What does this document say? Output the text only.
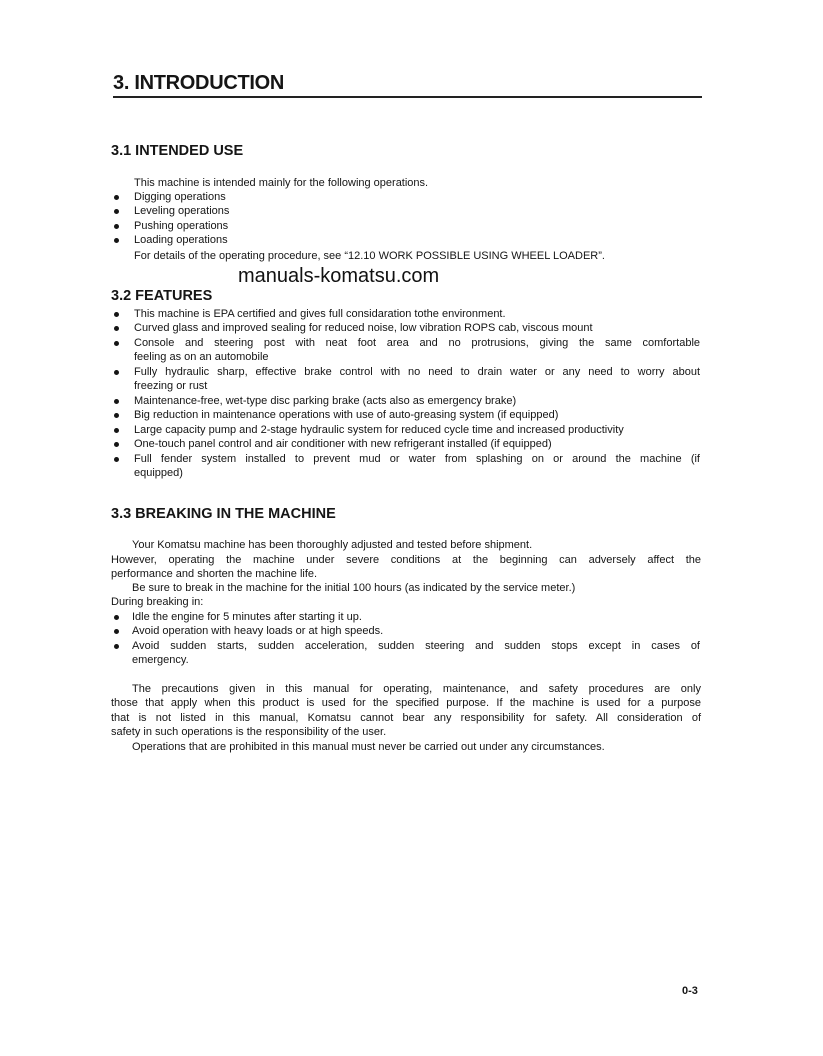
3. INTRODUCTION
3.1 INTENDED USE

This machine is intended mainly for the following operations.

Digging operations

Leveling operations

Pushing operations

Loading operations

For details of the operating procedure, see “12.10 WORK POSSIBLE USING WHEEL LOADER”.

manuals-komatsu.com

3.2 FEATURES

This machine is EPA certified and gives full considaration tothe environment.

Curved glass and improved sealing for reduced noise, low vibration ROPS cab, viscous mount

Console and steering post with neat foot area and no protrusions, giving the same comfortable

feeling as on an automobile

Fully hydraulic sharp, effective brake control with no need to drain water or any need to worry about

freezing or rust

Maintenance-free, wet-type disc parking brake (acts also as emergency brake)

Big reduction in maintenance operations with use of auto-greasing system (if equipped)

Large capacity pump and 2-stage hydraulic system for reduced cycle time and increased productivity

One-touch panel control and air conditioner with new refrigerant installed (if equipped)

Full fender system installed to prevent mud or water from splashing on or around the machine (if

equipped)

3.3 BREAKING IN THE MACHINE

Your Komatsu machine has been thoroughly adjusted and tested before shipment.

However, operating the machine under severe conditions at the beginning can adversely affect the

performance and shorten the machine life.

Be sure to break in the machine for the initial 100 hours (as indicated by the service meter.)

During breaking in:

Idle the engine for 5 minutes after starting it up.

Avoid operation with heavy loads or at high speeds.

Avoid sudden starts, sudden acceleration, sudden steering and sudden stops except in cases of

emergency.

The precautions given in this manual for operating, maintenance, and safety procedures are only

those that apply when this product is used for the specified purpose. If the machine is used for a purpose

that is not listed in this manual, Komatsu cannot bear any responsibility for safety. All consideration of

safety in such operations is the responsibility of the user.

Operations that are prohibited in this manual must never be carried out under any circumstances.

0-3
